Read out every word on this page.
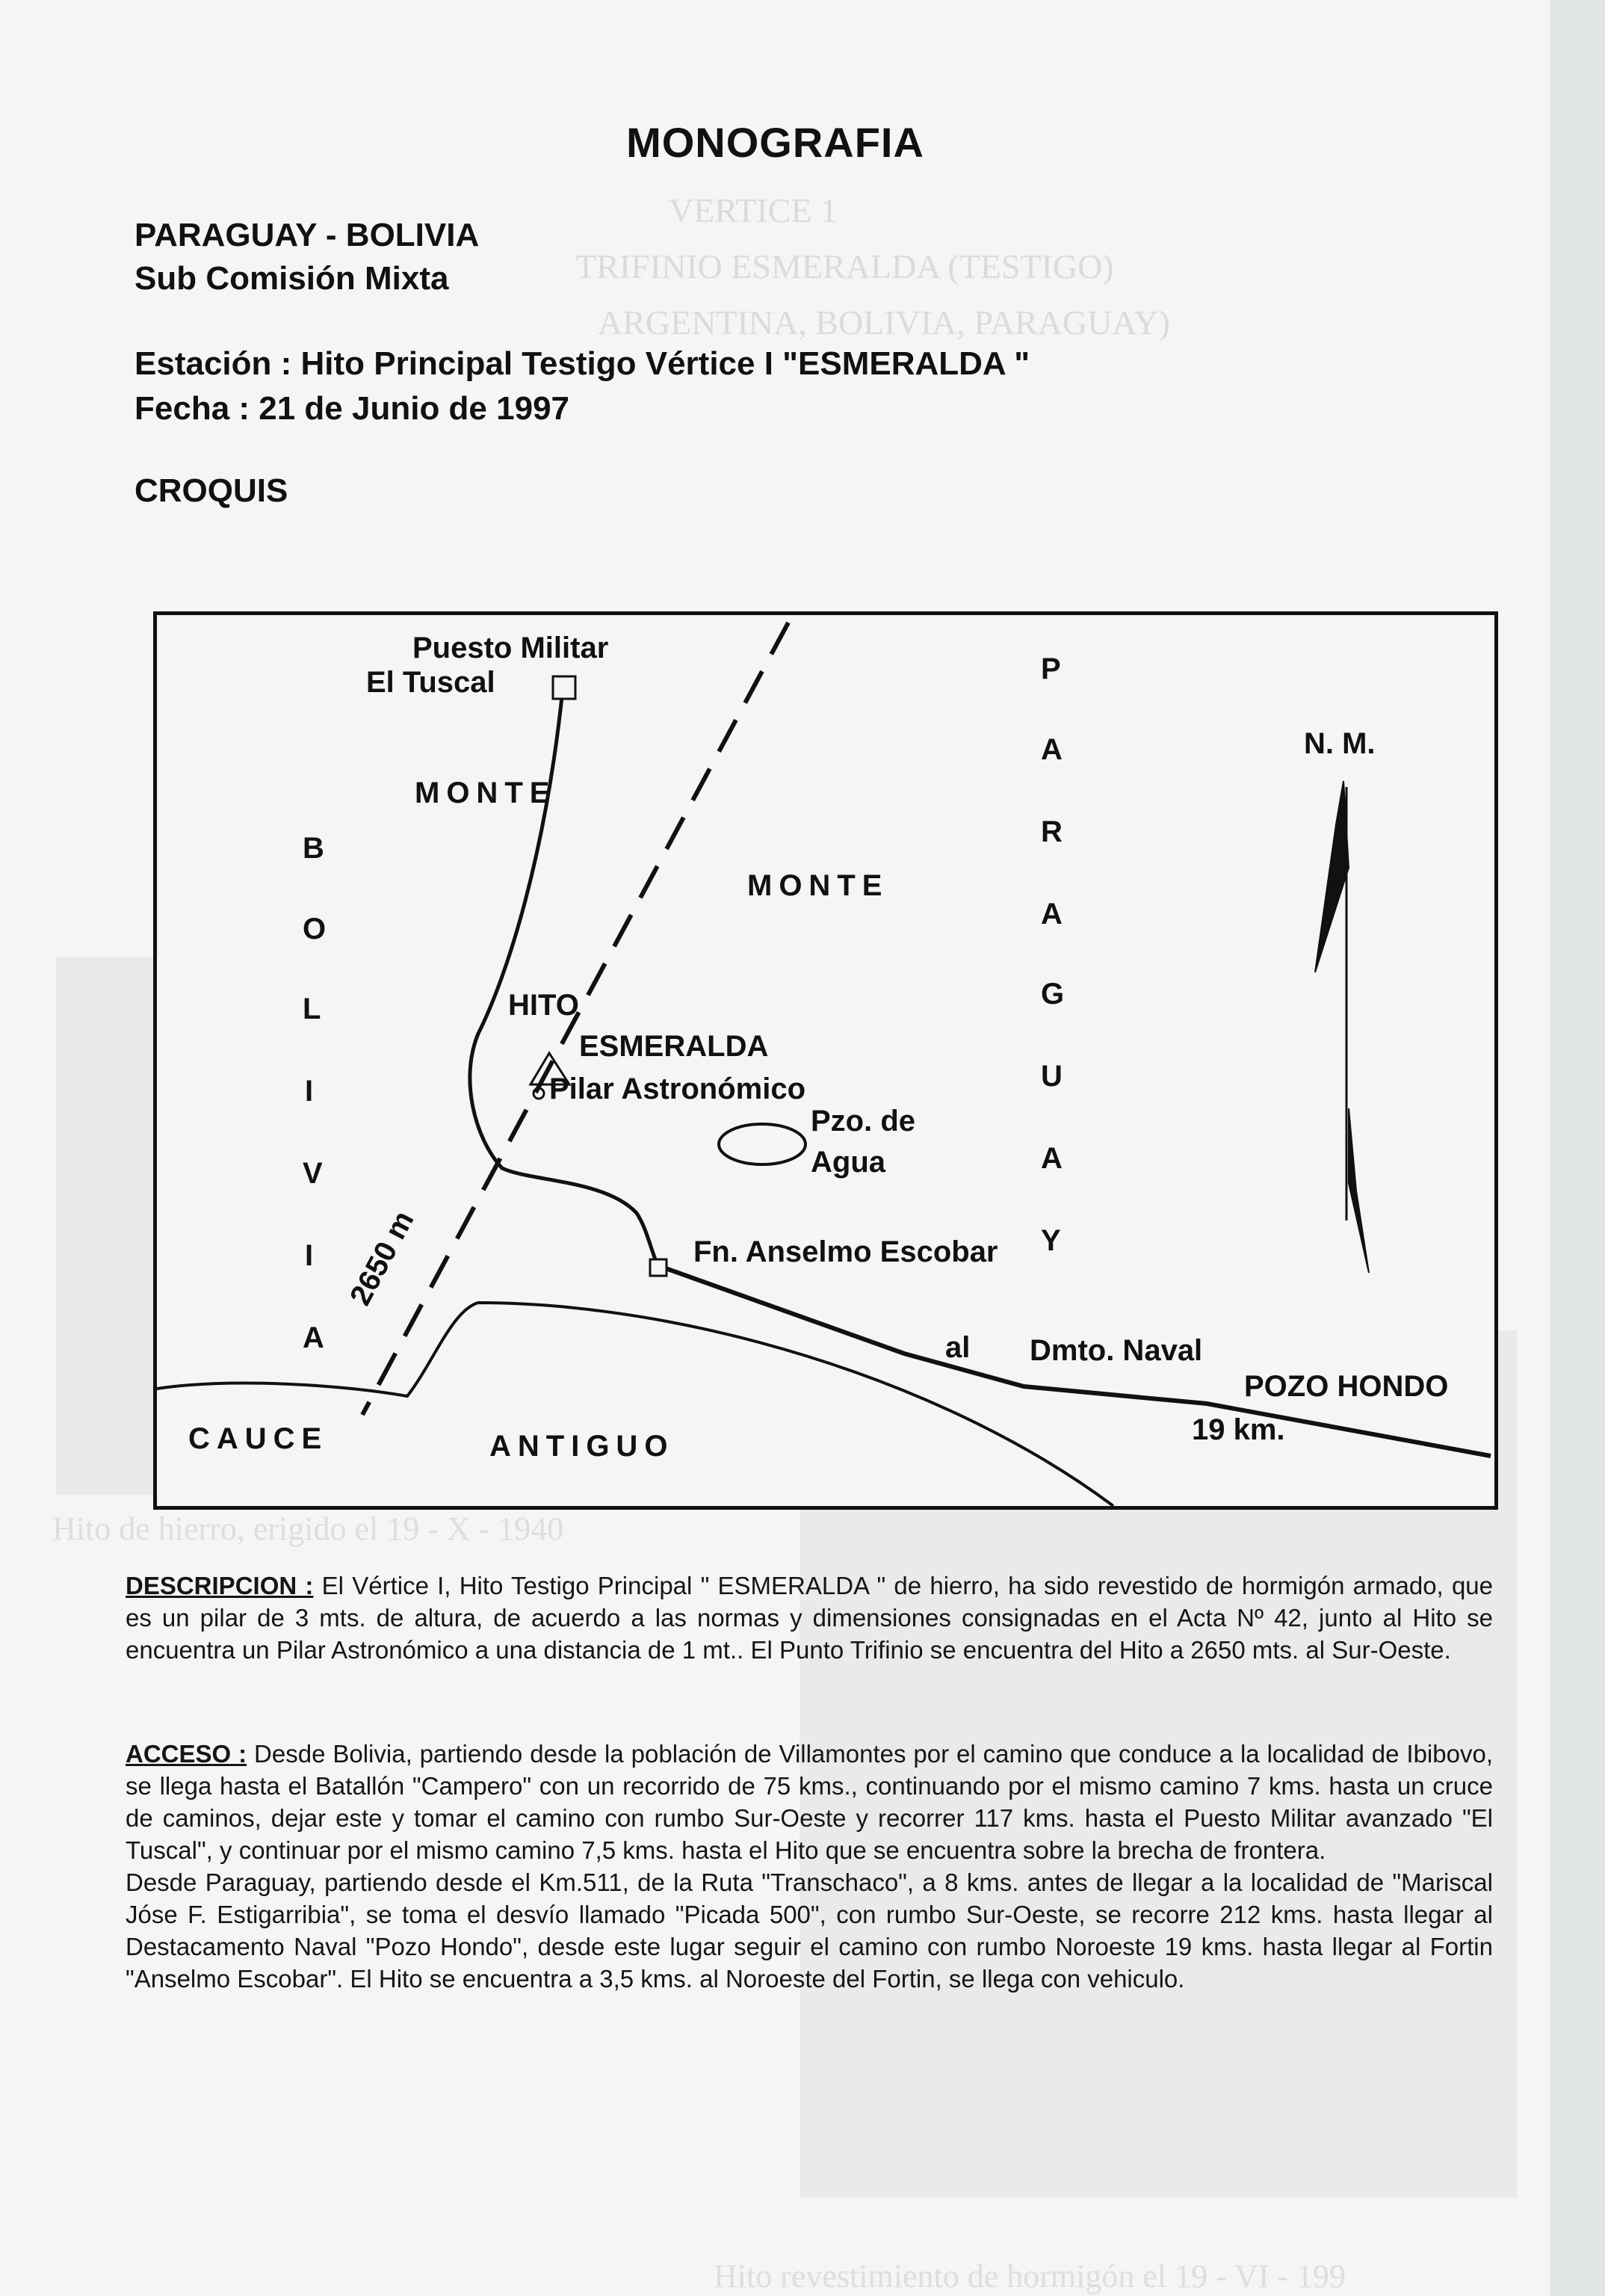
VERTICE 1
TRIFINIO ESMERALDA (TESTIGO)
ARGENTINA, BOLIVIA, PARAGUAY)
Hito de hierro, erigido el 19 - X - 1940
Hito revestimiento de hormigón el 19 - VI - 199
MONOGRAFIA
PARAGUAY - BOLIVIA
Sub Comisión Mixta
Estación : Hito Principal Testigo Vértice I "ESMERALDA "
Fecha : 21 de Junio de 1997
CROQUIS
Puesto Militar
El Tuscal
MONTE
MONTE
B
O
L
I
V
I
A
P
A
R
A
G
U
A
Y
HITO
ESMERALDA
Pilar Astronómico
Pzo. de
Agua
Fn. Anselmo Escobar
2650 m
al Dmto. Naval
POZO HONDO
19 km.
CAUCE	ANTIGUO
N. M.

DESCRIPCION : El Vértice I, Hito Testigo Principal " ESMERALDA " de hierro, ha sido revestido de hormigón armado, que es un pilar de 3 mts. de altura, de acuerdo a las normas y dimensiones consignadas en el Acta Nº 42, junto al Hito se encuentra un Pilar Astronómico a una distancia de 1 mt.. El Punto Trifinio se encuentra del Hito a 2650 mts. al Sur-Oeste.

ACCESO : Desde Bolivia, partiendo desde la población de Villamontes por el camino que conduce a la localidad de Ibibovo, se llega hasta el Batallón "Campero" con un recorrido de 75 kms., continuando por el mismo camino 7 kms. hasta un cruce de caminos, dejar este y tomar el camino con rumbo Sur-Oeste y recorrer 117 kms. hasta el Puesto Militar avanzado "El Tuscal", y continuar por el mismo camino 7,5 kms. hasta el Hito que se encuentra sobre la brecha de frontera.

Desde Paraguay, partiendo desde el Km.511, de la Ruta "Transchaco", a 8 kms. antes de llegar a la localidad de "Mariscal Jóse F. Estigarribia", se toma el desvío llamado "Picada 500", con rumbo Sur-Oeste, se recorre 212 kms. hasta llegar al Destacamento Naval "Pozo Hondo", desde este lugar seguir el camino con rumbo Noroeste 19 kms. hasta llegar al Fortin "Anselmo Escobar". El Hito se encuentra a 3,5 kms. al Noroeste del Fortin, se llega con vehiculo.
